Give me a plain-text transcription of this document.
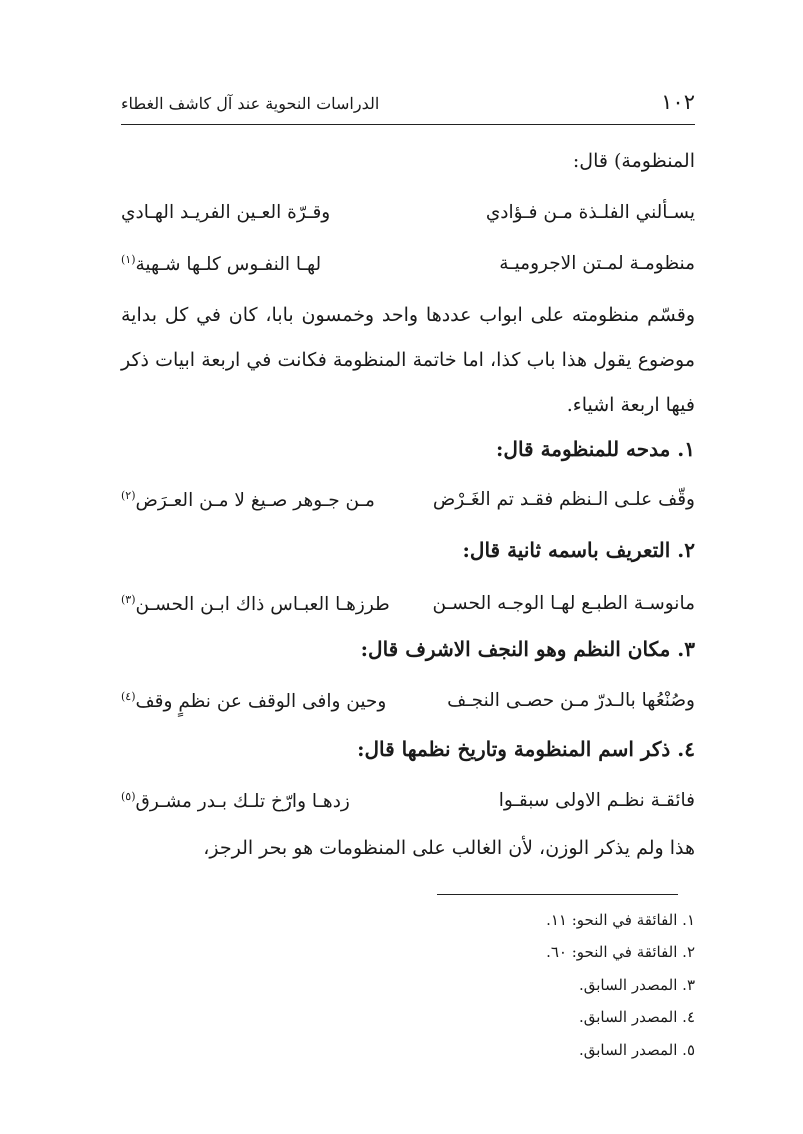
١٠٢
الدراسات النحوية عند آل كاشف الغطاء
المنظومة) قال:
يسـألني الفلـذة مـن فـؤادي
وقـرّة العـين الفريـد الهـادي
منظومـة لمـتن الاجروميـة
لهـا النفـوس كلـها شـهية$^{(١)}$
وقسّم منظومته على ابواب عددها واحد وخمسون بابا، كان في كل بداية موضوع يقول هذا باب كذا، اما خاتمة المنظومة فكانت في اربعة ابيات ذكر فيها اربعة اشياء.
١. مدحه للمنظومة قال:
وقّف علـى الـنظم فقـد تم الغَـرْض
مـن جـوهر صـيغ لا مـن العـرَض$^{(٢)}$
٢. التعريف باسمه ثانية قال:
مانوسـة الطبـع لهـا الوجـه الحسـن
طرزهـا العبـاس ذاك ابـن الحسـن$^{(٣)}$
٣. مكان النظم وهو النجف الاشرف قال:
وصُنْعُها بالـدرّ مـن حصـى النجـف
وحين وافى الوقف عن نظمٍ وقف$^{(٤)}$
٤. ذكر اسم المنظومة وتاريخ نظمها قال:
فائقـة نظـم الاولى سبقـوا
زدهـا وارّخ تلـك بـدر مشـرق$^{(٥)}$
هذا ولم يذكر الوزن، لأن الغالب على المنظومات هو بحر الرجز،
١. الفائقة في النحو: ١١.
٢. الفائقة في النحو: ٦٠.
٣. المصدر السابق.
٤. المصدر السابق.
٥. المصدر السابق.
